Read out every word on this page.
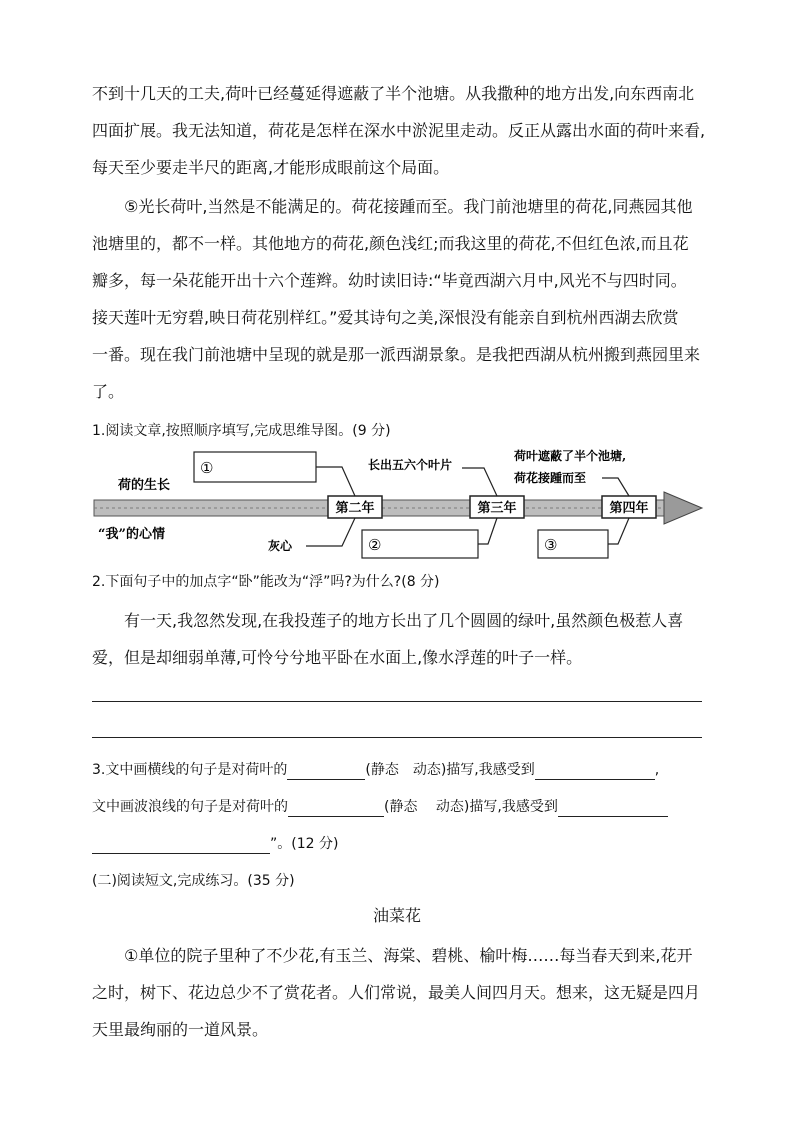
不到十几天的工夫,荷叶已经蔓延得遮蔽了半个池塘。从我撒种的地方出发,向东西南北
四面扩展。我无法知道，荷花是怎样在深水中淤泥里走动。反正从露出水面的荷叶来看,
每天至少要走半尺的距离,才能形成眼前这个局面。
⑤光长荷叶,当然是不能满足的。荷花接踵而至。我门前池塘里的荷花,同燕园其他
池塘里的，都不一样。其他地方的荷花,颜色浅红;而我这里的荷花,不但红色浓,而且花
瓣多，每一朵花能开出十六个莲辫。幼时读旧诗:“毕竟西湖六月中,风光不与四时同。
接天莲叶无穷碧,映日荷花别样红。”爱其诗句之美,深恨没有能亲自到杭州西湖去欣赏
一番。现在我门前池塘中呈现的就是那一派西湖景象。是我把西湖从杭州搬到燕园里来
了。
1.阅读文章,按照顺序填写,完成思维导图。(9 分)
荷的生长
“我”的心情
第二年	第三年	第四年
①	长出五六个叶片
荷叶遮蔽了半个池塘,
荷花接踵而至
灰心	②	③
2.下面句子中的加点字“卧”能改为“浮”吗?为什么?(8 分)
有一天,我忽然发现,在我投莲子的地方长出了几个圆圆的绿叶,虽然颜色极惹人喜
爱，但是却细弱单薄,可怜兮兮地平卧在水面上,像水浮莲的叶子一样。
3.文中画横线的句子是对荷叶的	(静态　动态)描写,我感受到	,
文中画波浪线的句子是对荷叶的	(静态　 动态)描写,我感受到
”。(12 分)
(二)阅读短文,完成练习。(35 分)
油菜花
①单位的院子里种了不少花,有玉兰、海棠、碧桃、榆叶梅……每当春天到来,花开
之时，树下、花边总少不了赏花者。人们常说，最美人间四月天。想来，这无疑是四月
天里最绚丽的一道风景。
